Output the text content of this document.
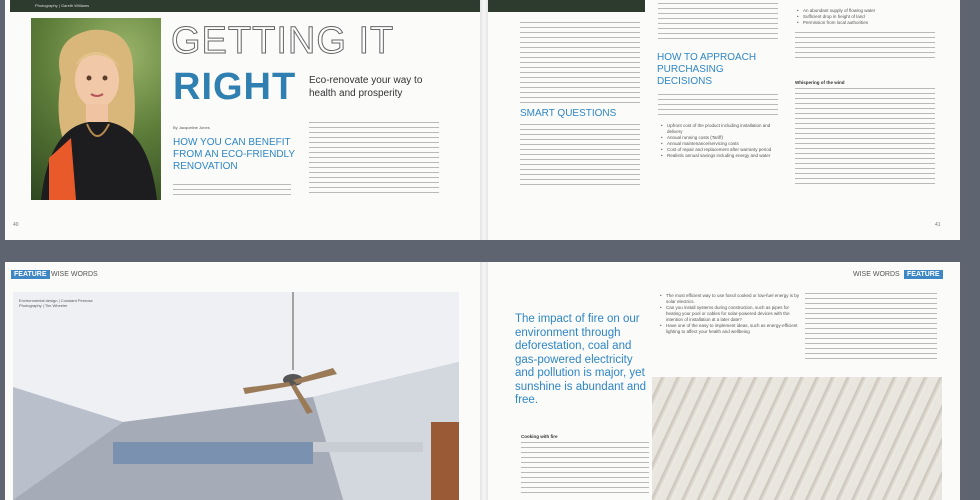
Photography | Gareth Williams
GETTING IT
RIGHT Eco-renovate your way to health and prosperity
By Jacqueline Jones
HOW YOU CAN BENEFIT FROM AN ECO-FRIENDLY RENOVATION
SMART QUESTIONS
HOW TO APPROACH PURCHASING DECISIONS
• Upfront cost of the product including installation and delivery
• Annual running costs (Tariff)
• Annual maintenance/servicing costs
• Cost of repair and replacement after warranty period
• Realistic annual savings including energy and water
• An abundant supply of flowing water
• Sufficient drop in height of land
• Permission from local authorities
Whispering of the wind
40	41
FEATURE WISE WORDS	WISE WORDS	FEATURE
Environmental design | Constant Penrose
Photography | Tim Wheeler
The impact of fire on our environment through deforestation, coal and gas-powered electricity and pollution is major, yet sunshine is abundant and free.
Cooking with fire
• The most efficient way to use fossil cooked or low-fuel energy is by solar electrics.
• Can you install systems during construction, such as pipes for heating your pool or cables for solar-powered devices with the intention of installation at a later date?
• Have one of the easy to implement ideas, such as energy-efficient lighting to affect your health and wellbeing
